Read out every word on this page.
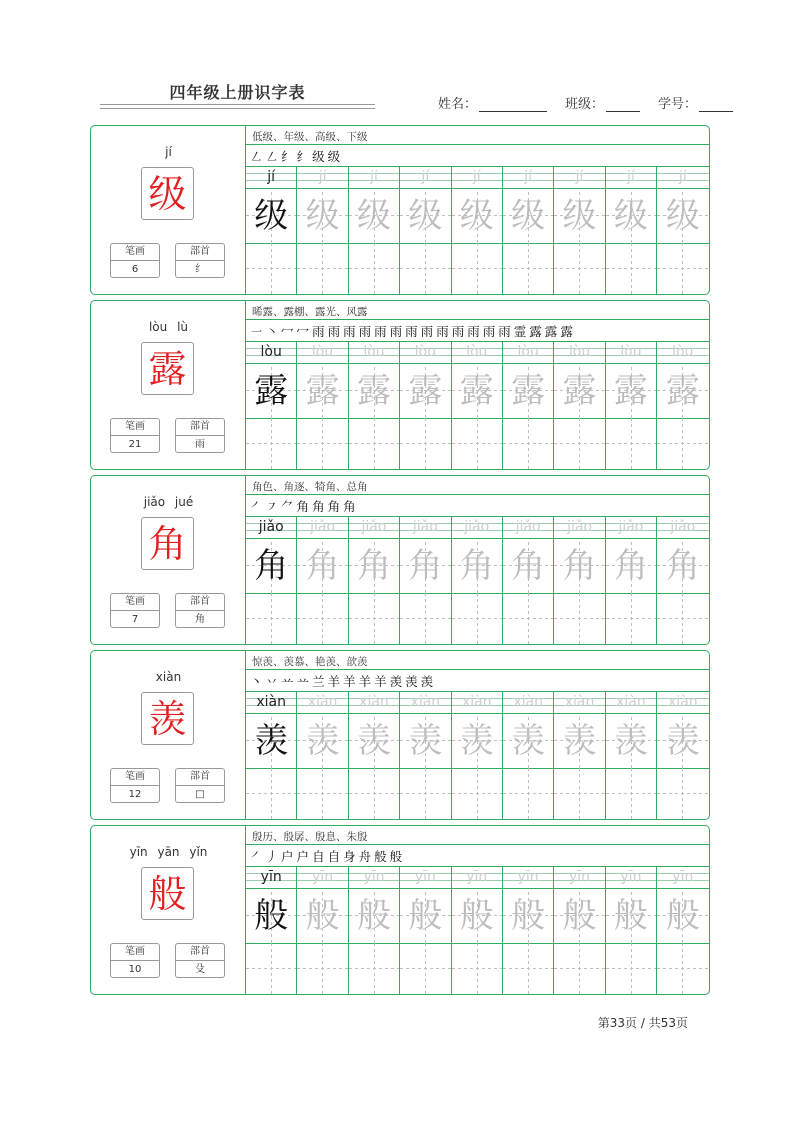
四年级上册识字表
姓名：	班级：	学号：
jí
级
笔画
6
部首
纟
低级、年级、高级、下级
㇜ ㇜ 纟 纟 级 级
jí
级
jí
级
jí
级
jí
级
jí
级
jí
级
jí
级
jí
级
jí
级
lòu lù
露
笔画
21
部首
雨
晞露、露棚、露光、风露
㇐ ㇔ 冖 冖 雨 雨 雨 雨 雨 雨 雨 雨 雨 雨 雨 雨 雨 霊 露 露 露
lòu
露
lòu
露
lòu
露
lòu
露
lòu
露
lòu
露
lòu
露
lòu
露
lòu
露
jiǎo jué
角
笔画
7
部首
角
角色、角逐、犄角、总角
㇒ ㇇ ⺈ 角 角 角 角
jiǎo
角
jiǎo
角
jiǎo
角
jiǎo
角
jiǎo
角
jiǎo
角
jiǎo
角
jiǎo
角
jiǎo
角
xiàn
羡
笔画
12
部首
□
惊羡、羡慕、艳羡、歆羡
丶 丷 䒑 䒑 兰 羊 羊 羊 羊 羡 羡 羡
xiàn
羡
xiàn
羡
xiàn
羡
xiàn
羡
xiàn
羡
xiàn
羡
xiàn
羡
xiàn
羡
xiàn
羡
yīn yān yǐn
般
笔画
10
部首
殳
殷历、殷孱、殷息、朱殷
㇒ 丿 户 户 自 自 身 舟 般 般
yīn
般
yīn
般
yīn
般
yīn
般
yīn
般
yīn
般
yīn
般
yīn
般
yīn
般
第33页 / 共53页
